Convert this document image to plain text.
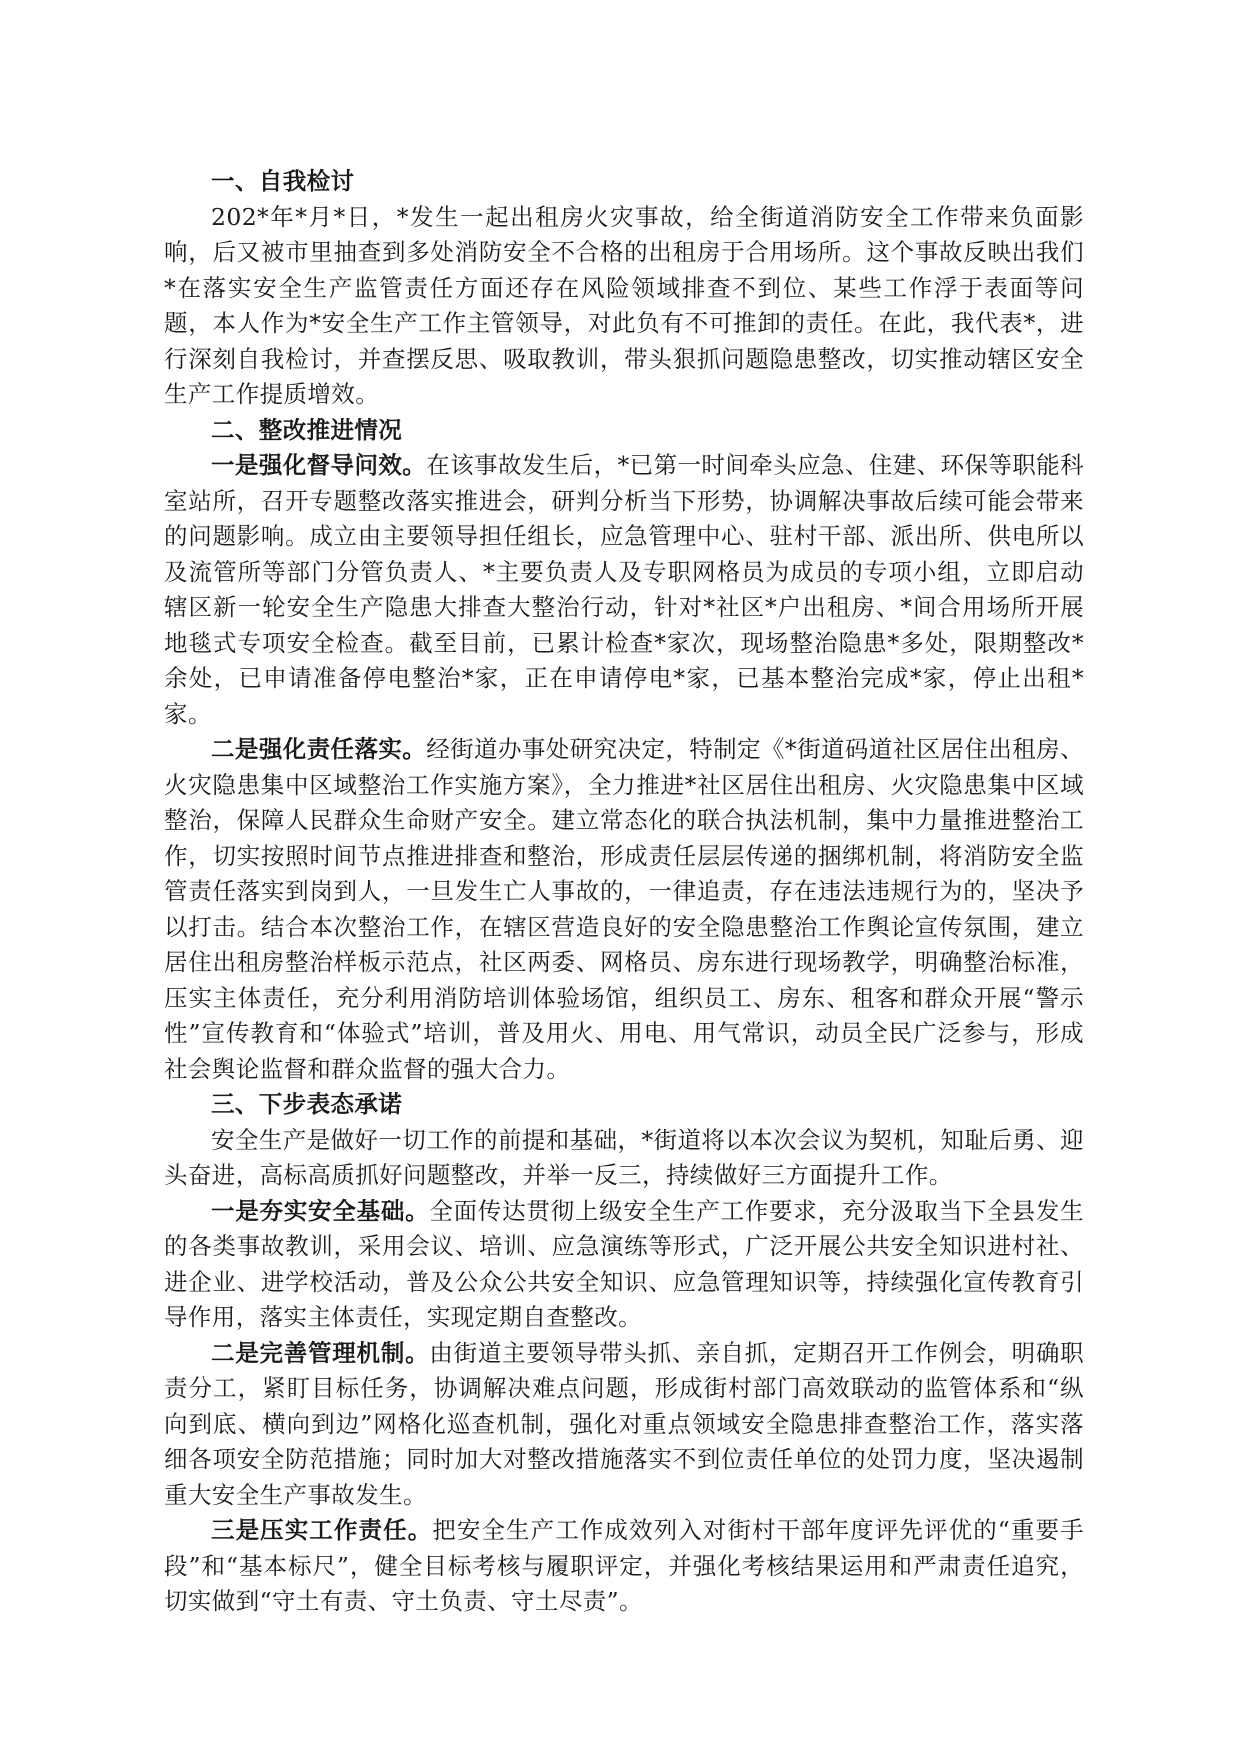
一、自我检讨

202*年*月*日，*发生一起出租房火灾事故，给全街道消防安全工作带来负面影响，后又被市里抽查到多处消防安全不合格的出租房于合用场所。这个事故反映出我们*在落实安全生产监管责任方面还存在风险领域排查不到位、某些工作浮于表面等问题，本人作为*安全生产工作主管领导，对此负有不可推卸的责任。在此，我代表*，进行深刻自我检讨，并查摆反思、吸取教训，带头狠抓问题隐患整改，切实推动辖区安全生产工作提质增效。

二、整改推进情况

一是强化督导问效。在该事故发生后，*已第一时间牵头应急、住建、环保等职能科室站所，召开专题整改落实推进会，研判分析当下形势，协调解决事故后续可能会带来的问题影响。成立由主要领导担任组长，应急管理中心、驻村干部、派出所、供电所以及流管所等部门分管负责人、*主要负责人及专职网格员为成员的专项小组，立即启动辖区新一轮安全生产隐患大排查大整治行动，针对*社区*户出租房、*间合用场所开展地毯式专项安全检查。截至目前，已累计检查*家次，现场整治隐患*多处，限期整改*余处，已申请准备停电整治*家，正在申请停电*家，已基本整治完成*家，停止出租*家。

二是强化责任落实。经街道办事处研究决定，特制定《*街道码道社区居住出租房、火灾隐患集中区域整治工作实施方案》，全力推进*社区居住出租房、火灾隐患集中区域整治，保障人民群众生命财产安全。建立常态化的联合执法机制，集中力量推进整治工作，切实按照时间节点推进排查和整治，形成责任层层传递的捆绑机制，将消防安全监管责任落实到岗到人，一旦发生亡人事故的，一律追责，存在违法违规行为的，坚决予以打击。结合本次整治工作，在辖区营造良好的安全隐患整治工作舆论宣传氛围，建立居住出租房整治样板示范点，社区两委、网格员、房东进行现场教学，明确整治标准，压实主体责任，充分利用消防培训体验场馆，组织员工、房东、租客和群众开展“警示性”宣传教育和“体验式”培训，普及用火、用电、用气常识，动员全民广泛参与，形成社会舆论监督和群众监督的强大合力。

三、下步表态承诺

安全生产是做好一切工作的前提和基础，*街道将以本次会议为契机，知耻后勇、迎头奋进，高标高质抓好问题整改，并举一反三，持续做好三方面提升工作。

一是夯实安全基础。全面传达贯彻上级安全生产工作要求，充分汲取当下全县发生的各类事故教训，采用会议、培训、应急演练等形式，广泛开展公共安全知识进村社、进企业、进学校活动，普及公众公共安全知识、应急管理知识等，持续强化宣传教育引导作用，落实主体责任，实现定期自查整改。

二是完善管理机制。由街道主要领导带头抓、亲自抓，定期召开工作例会，明确职责分工，紧盯目标任务，协调解决难点问题，形成街村部门高效联动的监管体系和“纵向到底、横向到边”网格化巡查机制，强化对重点领域安全隐患排查整治工作，落实落细各项安全防范措施；同时加大对整改措施落实不到位责任单位的处罚力度，坚决遏制重大安全生产事故发生。

三是压实工作责任。把安全生产工作成效列入对街村干部年度评先评优的“重要手段”和“基本标尺”，健全目标考核与履职评定，并强化考核结果运用和严肃责任追究，切实做到“守土有责、守土负责、守土尽责”。
